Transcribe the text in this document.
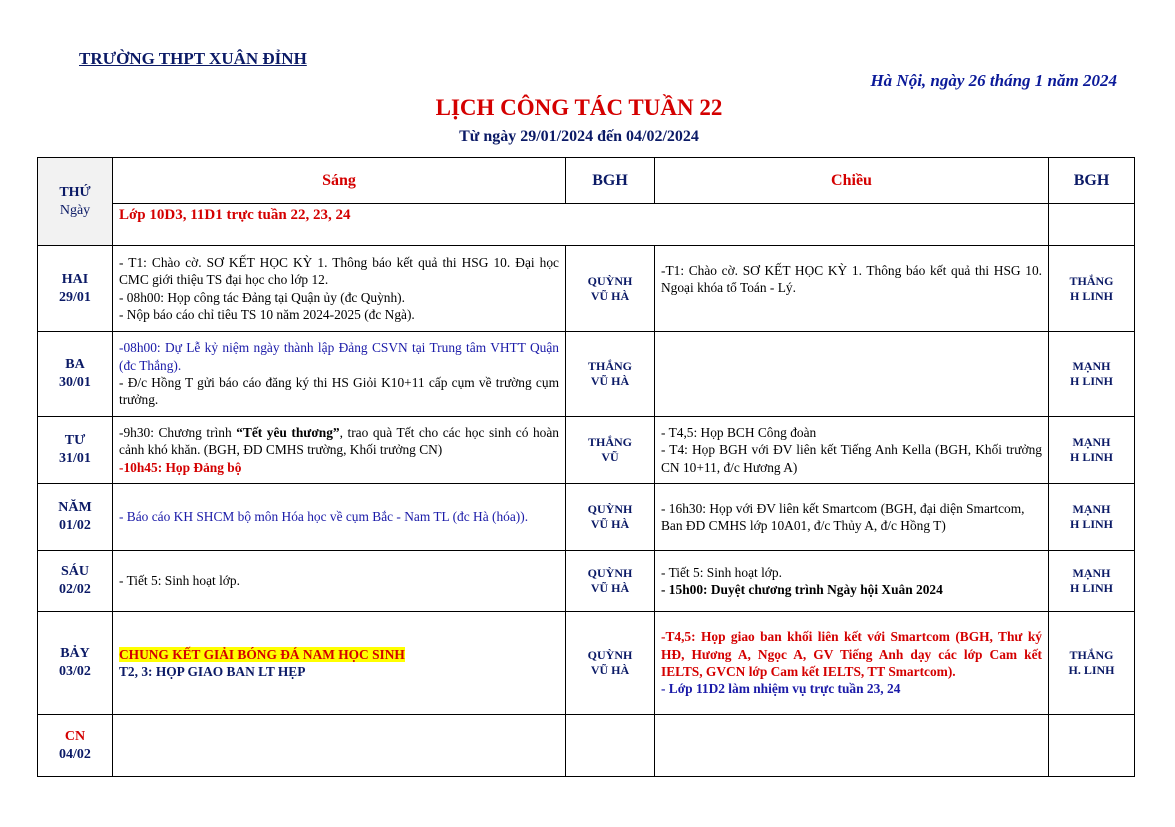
TRƯỜNG THPT XUÂN ĐỈNH
Hà Nội, ngày 26 tháng 1 năm 2024
LỊCH CÔNG TÁC TUẦN 22
Từ ngày 29/01/2024 đến 04/02/2024
THỨ
Ngày	Sáng	BGH	Chiều	BGH
	Lớp 10D3, 11D1 trực tuần 22, 23, 24			

HAI
29/01	- T1: Chào cờ. SƠ KẾT HỌC KỲ 1. Thông báo kết quả thi HSG 10. Đại học CMC giới thiệu TS đại học cho lớp 12.
- 08h00: Họp công tác Đảng tại Quận ủy (đc Quỳnh).
- Nộp báo cáo chỉ tiêu TS 10 năm 2024-2025 (đc Ngà).	QUỲNH
VŨ HÀ	-T1: Chào cờ. SƠ KẾT HỌC KỲ 1. Thông báo kết quả thi HSG 10. Ngoại khóa tổ Toán - Lý.	THẮNG
H LINH

BA
30/01	-08h00: Dự Lễ kỷ niệm ngày thành lập Đảng CSVN tại Trung tâm VHTT Quận (đc Thắng).
- Đ/c Hồng T gửi báo cáo đăng ký thi HS Giỏi K10+11 cấp cụm về trường cụm trưởng.	THẮNG
VŨ HÀ		MẠNH
H LINH

TƯ
31/01	-9h30: Chương trình “Tết yêu thương”, trao quà Tết cho các học sinh có hoàn cảnh khó khăn. (BGH, ĐD CMHS trường, Khối trưởng CN)
-10h45: Họp Đảng bộ	THẮNG
VŨ	- T4,5: Họp BCH Công đoàn
- T4: Họp BGH với ĐV liên kết Tiếng Anh Kella (BGH, Khối trưởng CN 10+11, đ/c Hương A)	MẠNH
H LINH

NĂM
01/02	- Báo cáo KH SHCM bộ môn Hóa học về cụm Bắc - Nam TL (đc Hà (hóa)).	QUỲNH
VŨ HÀ	- 16h30: Họp với ĐV liên kết Smartcom (BGH, đại diện Smartcom, Ban ĐD CMHS lớp 10A01, đ/c Thủy A, đ/c Hồng T)	MẠNH
H LINH

SÁU
02/02	- Tiết 5: Sinh hoạt lớp.	QUỲNH
VŨ HÀ	- Tiết 5: Sinh hoạt lớp.
- 15h00: Duyệt chương trình Ngày hội Xuân 2024	MẠNH
H LINH

BẢY
03/02	CHUNG KẾT GIẢI BÓNG ĐÁ NAM HỌC SINH
T2, 3: HỌP GIAO BAN LT HẸP	QUỲNH
VŨ HÀ	-T4,5: Họp giao ban khối liên kết với Smartcom (BGH, Thư ký HĐ, Hương A, Ngọc A, GV Tiếng Anh dạy các lớp Cam kết IELTS, GVCN lớp Cam kết IELTS, TT Smartcom).
- Lớp 11D2 làm nhiệm vụ trực tuần 23, 24	THẮNG
H. LINH

CN
04/02				
